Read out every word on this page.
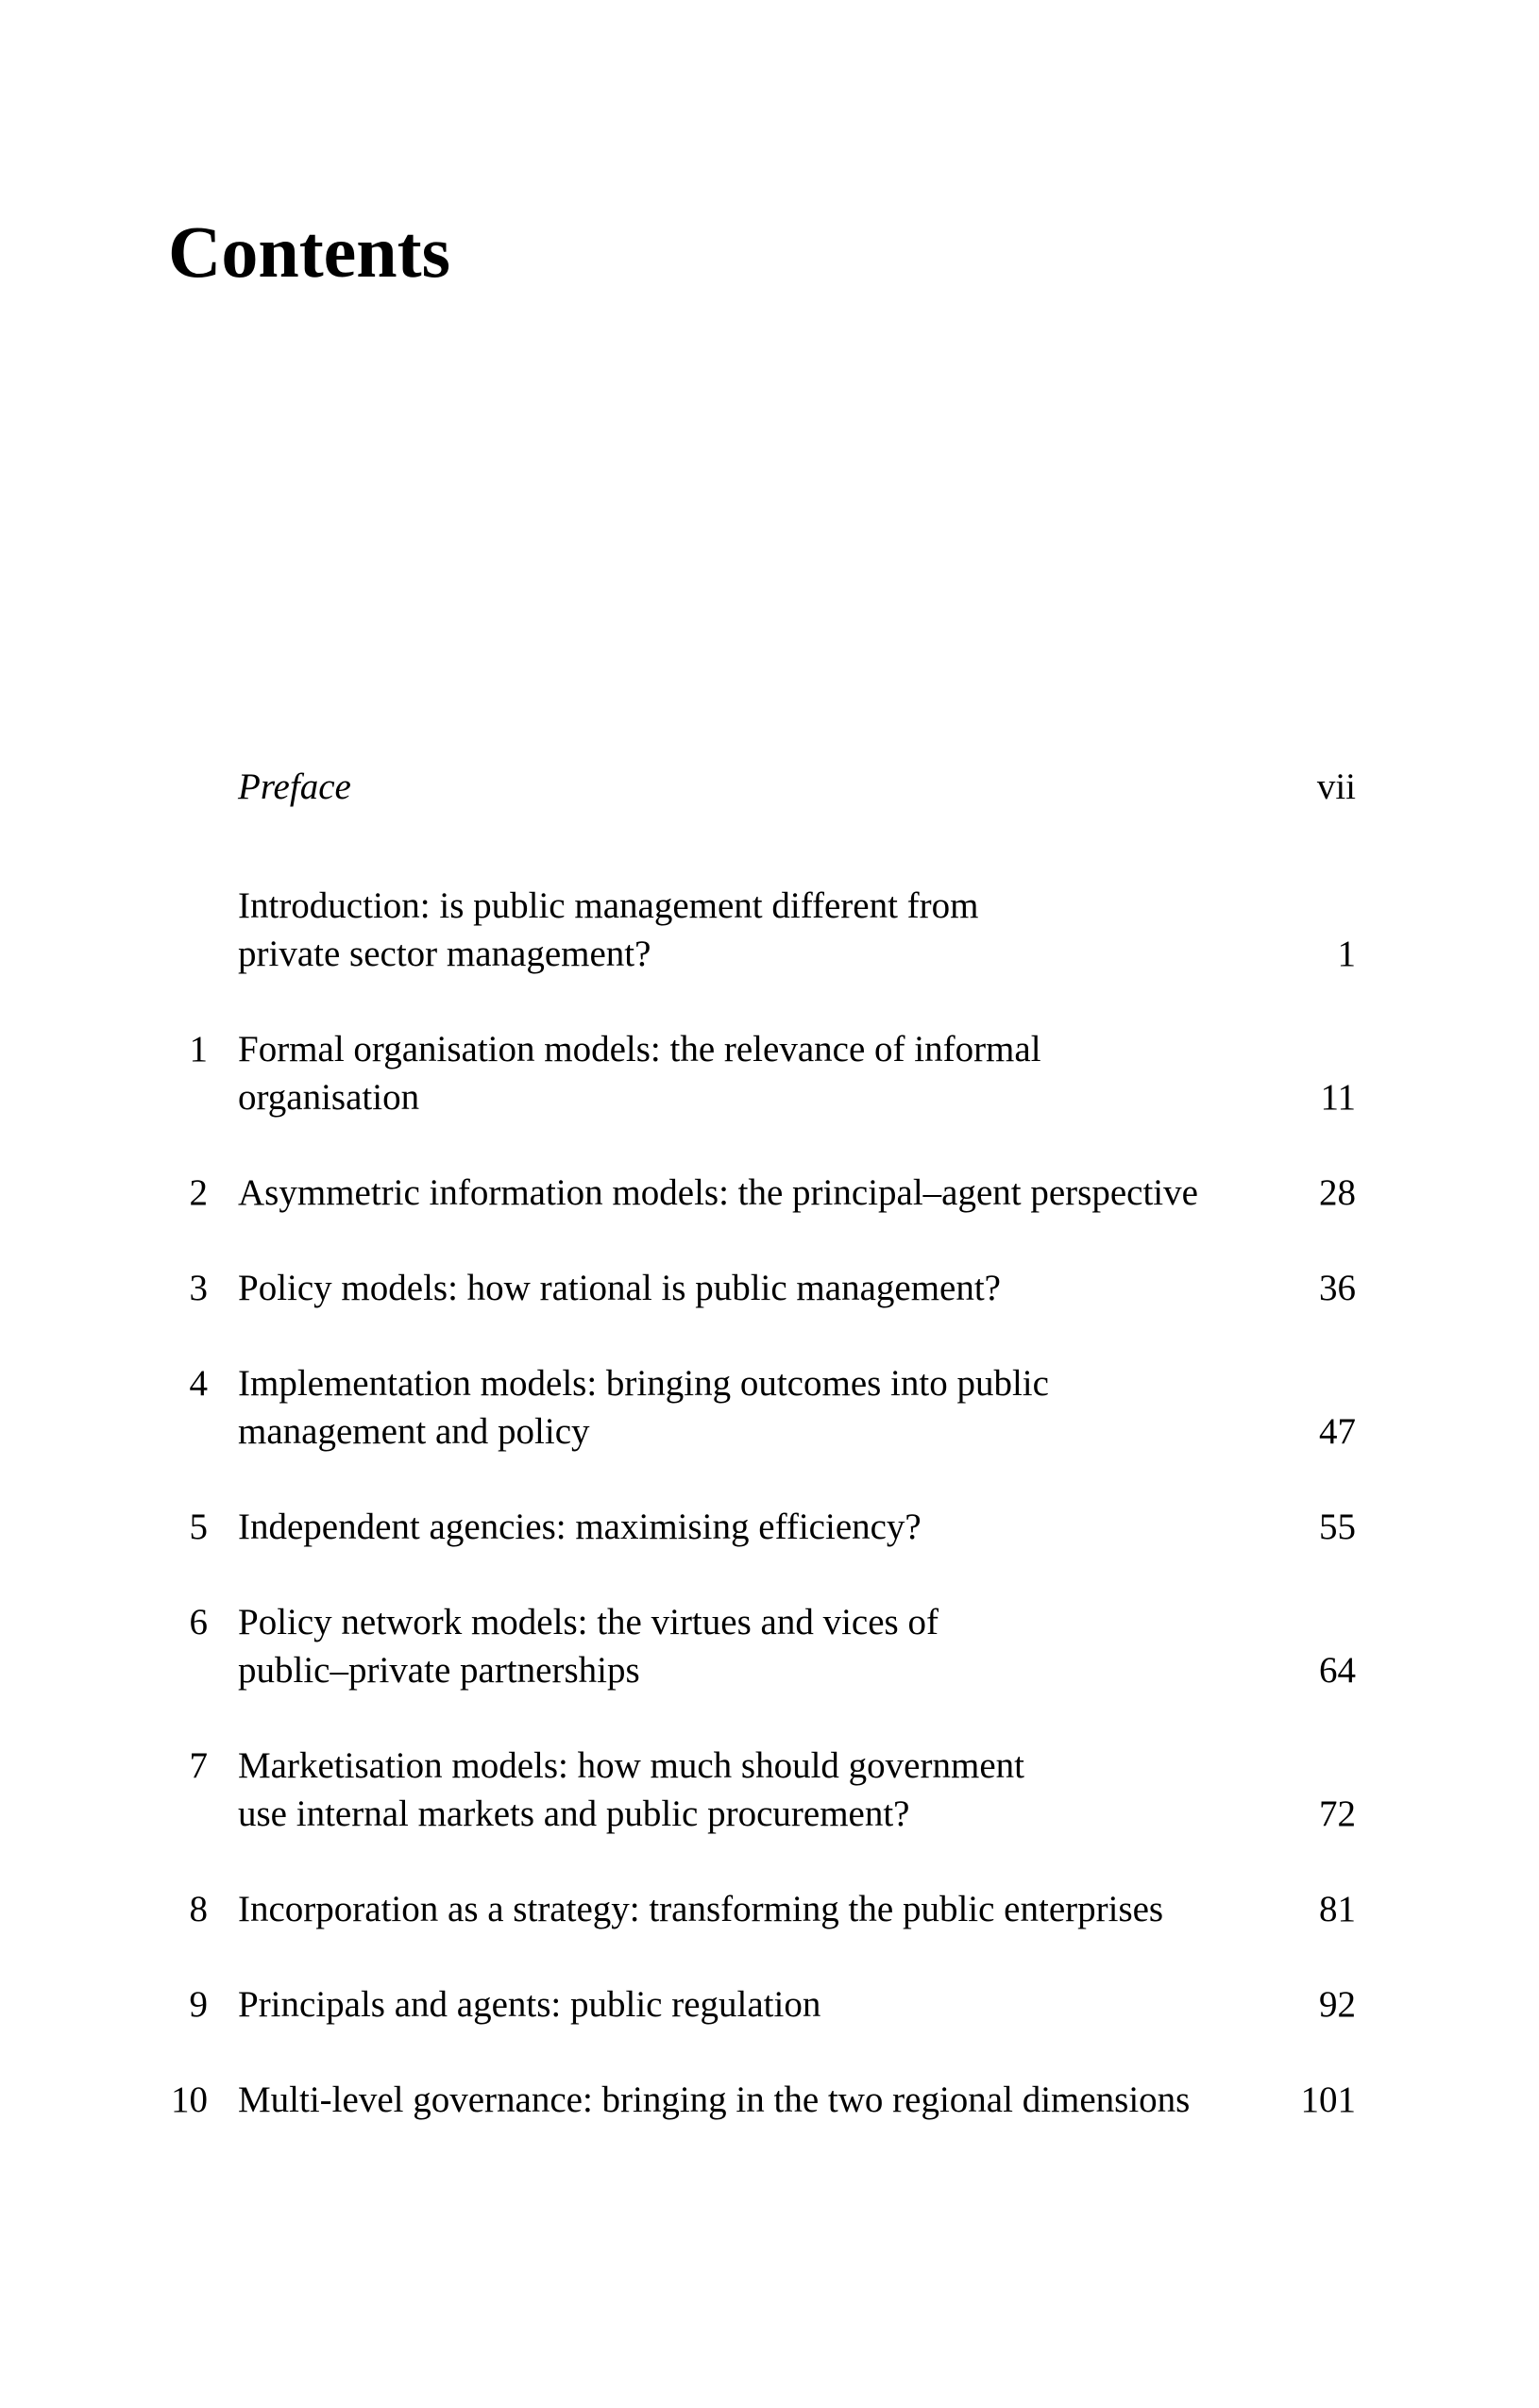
Contents
Preface	vii
Introduction: is public management different from
private sector management?	1
1 Formal organisation models: the relevance of informal
organisation	11
2 Asymmetric information models: the principal–agent perspective	28
3 Policy models: how rational is public management?	36
4 Implementation models: bringing outcomes into public
management and policy	47
5 Independent agencies: maximising efficiency?	55
6 Policy network models: the virtues and vices of
public–private partnerships	64
7 Marketisation models: how much should government
use internal markets and public procurement?	72
8 Incorporation as a strategy: transforming the public enterprises	81
9 Principals and agents: public regulation	92
10 Multi-level governance: bringing in the two regional dimensions	101
